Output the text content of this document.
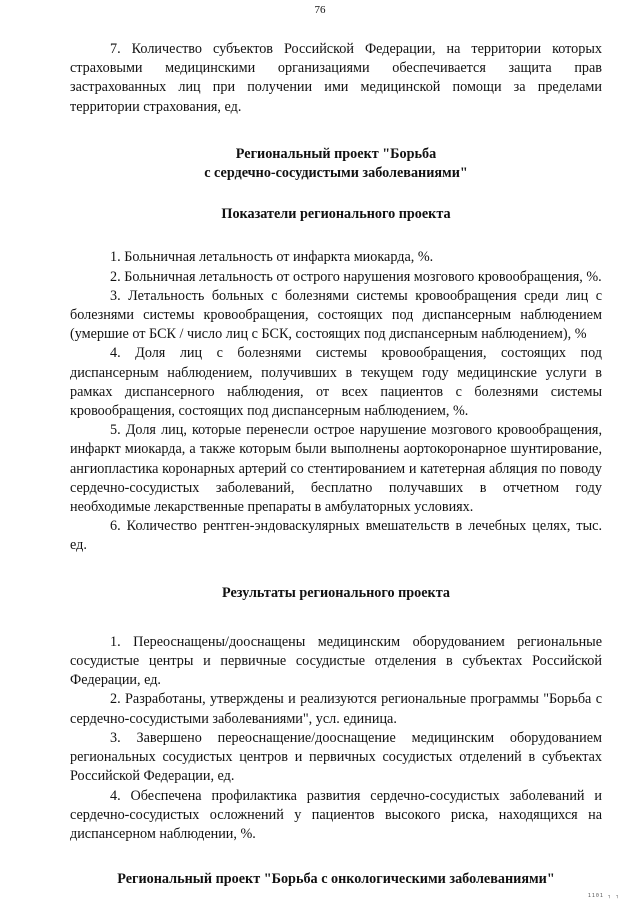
76

7. Количество субъектов Российской Федерации, на территории которых страховыми медицинскими организациями обеспечивается защита прав застрахованных лиц при получении ими медицинской помощи за пределами территории страхования, ед.

Региональный проект "Борьба

с сердечно-сосудистыми заболеваниями"

Показатели регионального проекта

1. Больничная летальность от инфаркта миокарда, %.

2. Больничная летальность от острого нарушения мозгового кровообращения, %.

3. Летальность больных с болезнями системы кровообращения среди лиц с болезнями системы кровообращения, состоящих под диспансерным наблюдением (умершие от БСК / число лиц с БСК, состоящих под диспансерным наблюдением), %

4. Доля лиц с болезнями системы кровообращения, состоящих под диспансерным наблюдением, получивших в текущем году медицинские услуги в рамках диспансерного наблюдения, от всех пациентов с болезнями системы кровообращения, состоящих под диспансерным наблюдением, %.

5. Доля лиц, которые перенесли острое нарушение мозгового кровообращения, инфаркт миокарда, а также которым были выполнены аортокоронарное шунтирование, ангиопластика коронарных артерий со стентированием и катетерная абляция по поводу сердечно-сосудистых заболеваний, бесплатно получавших в отчетном году необходимые лекарственные препараты в амбулаторных условиях.

6. Количество рентген-эндоваскулярных вмешательств в лечебных целях, тыс. ед.

Результаты регионального проекта

1. Переоснащены/дооснащены медицинским оборудованием региональные сосудистые центры и первичные сосудистые отделения в субъектах Российской Федерации, ед.

2. Разработаны, утверждены и реализуются региональные программы "Борьба с сердечно-сосудистыми заболеваниями", усл. единица.

3. Завершено переоснащение/дооснащение медицинским оборудованием региональных сосудистых центров и первичных сосудистых отделений в субъектах Российской Федерации, ед.

4. Обеспечена профилактика развития сердечно-сосудистых заболеваний и сердечно-сосудистых осложнений у пациентов высокого риска, находящихся на диспансерном наблюдении, %.

Региональный проект "Борьба с онкологическими заболеваниями"

1101 ┐ ┐
